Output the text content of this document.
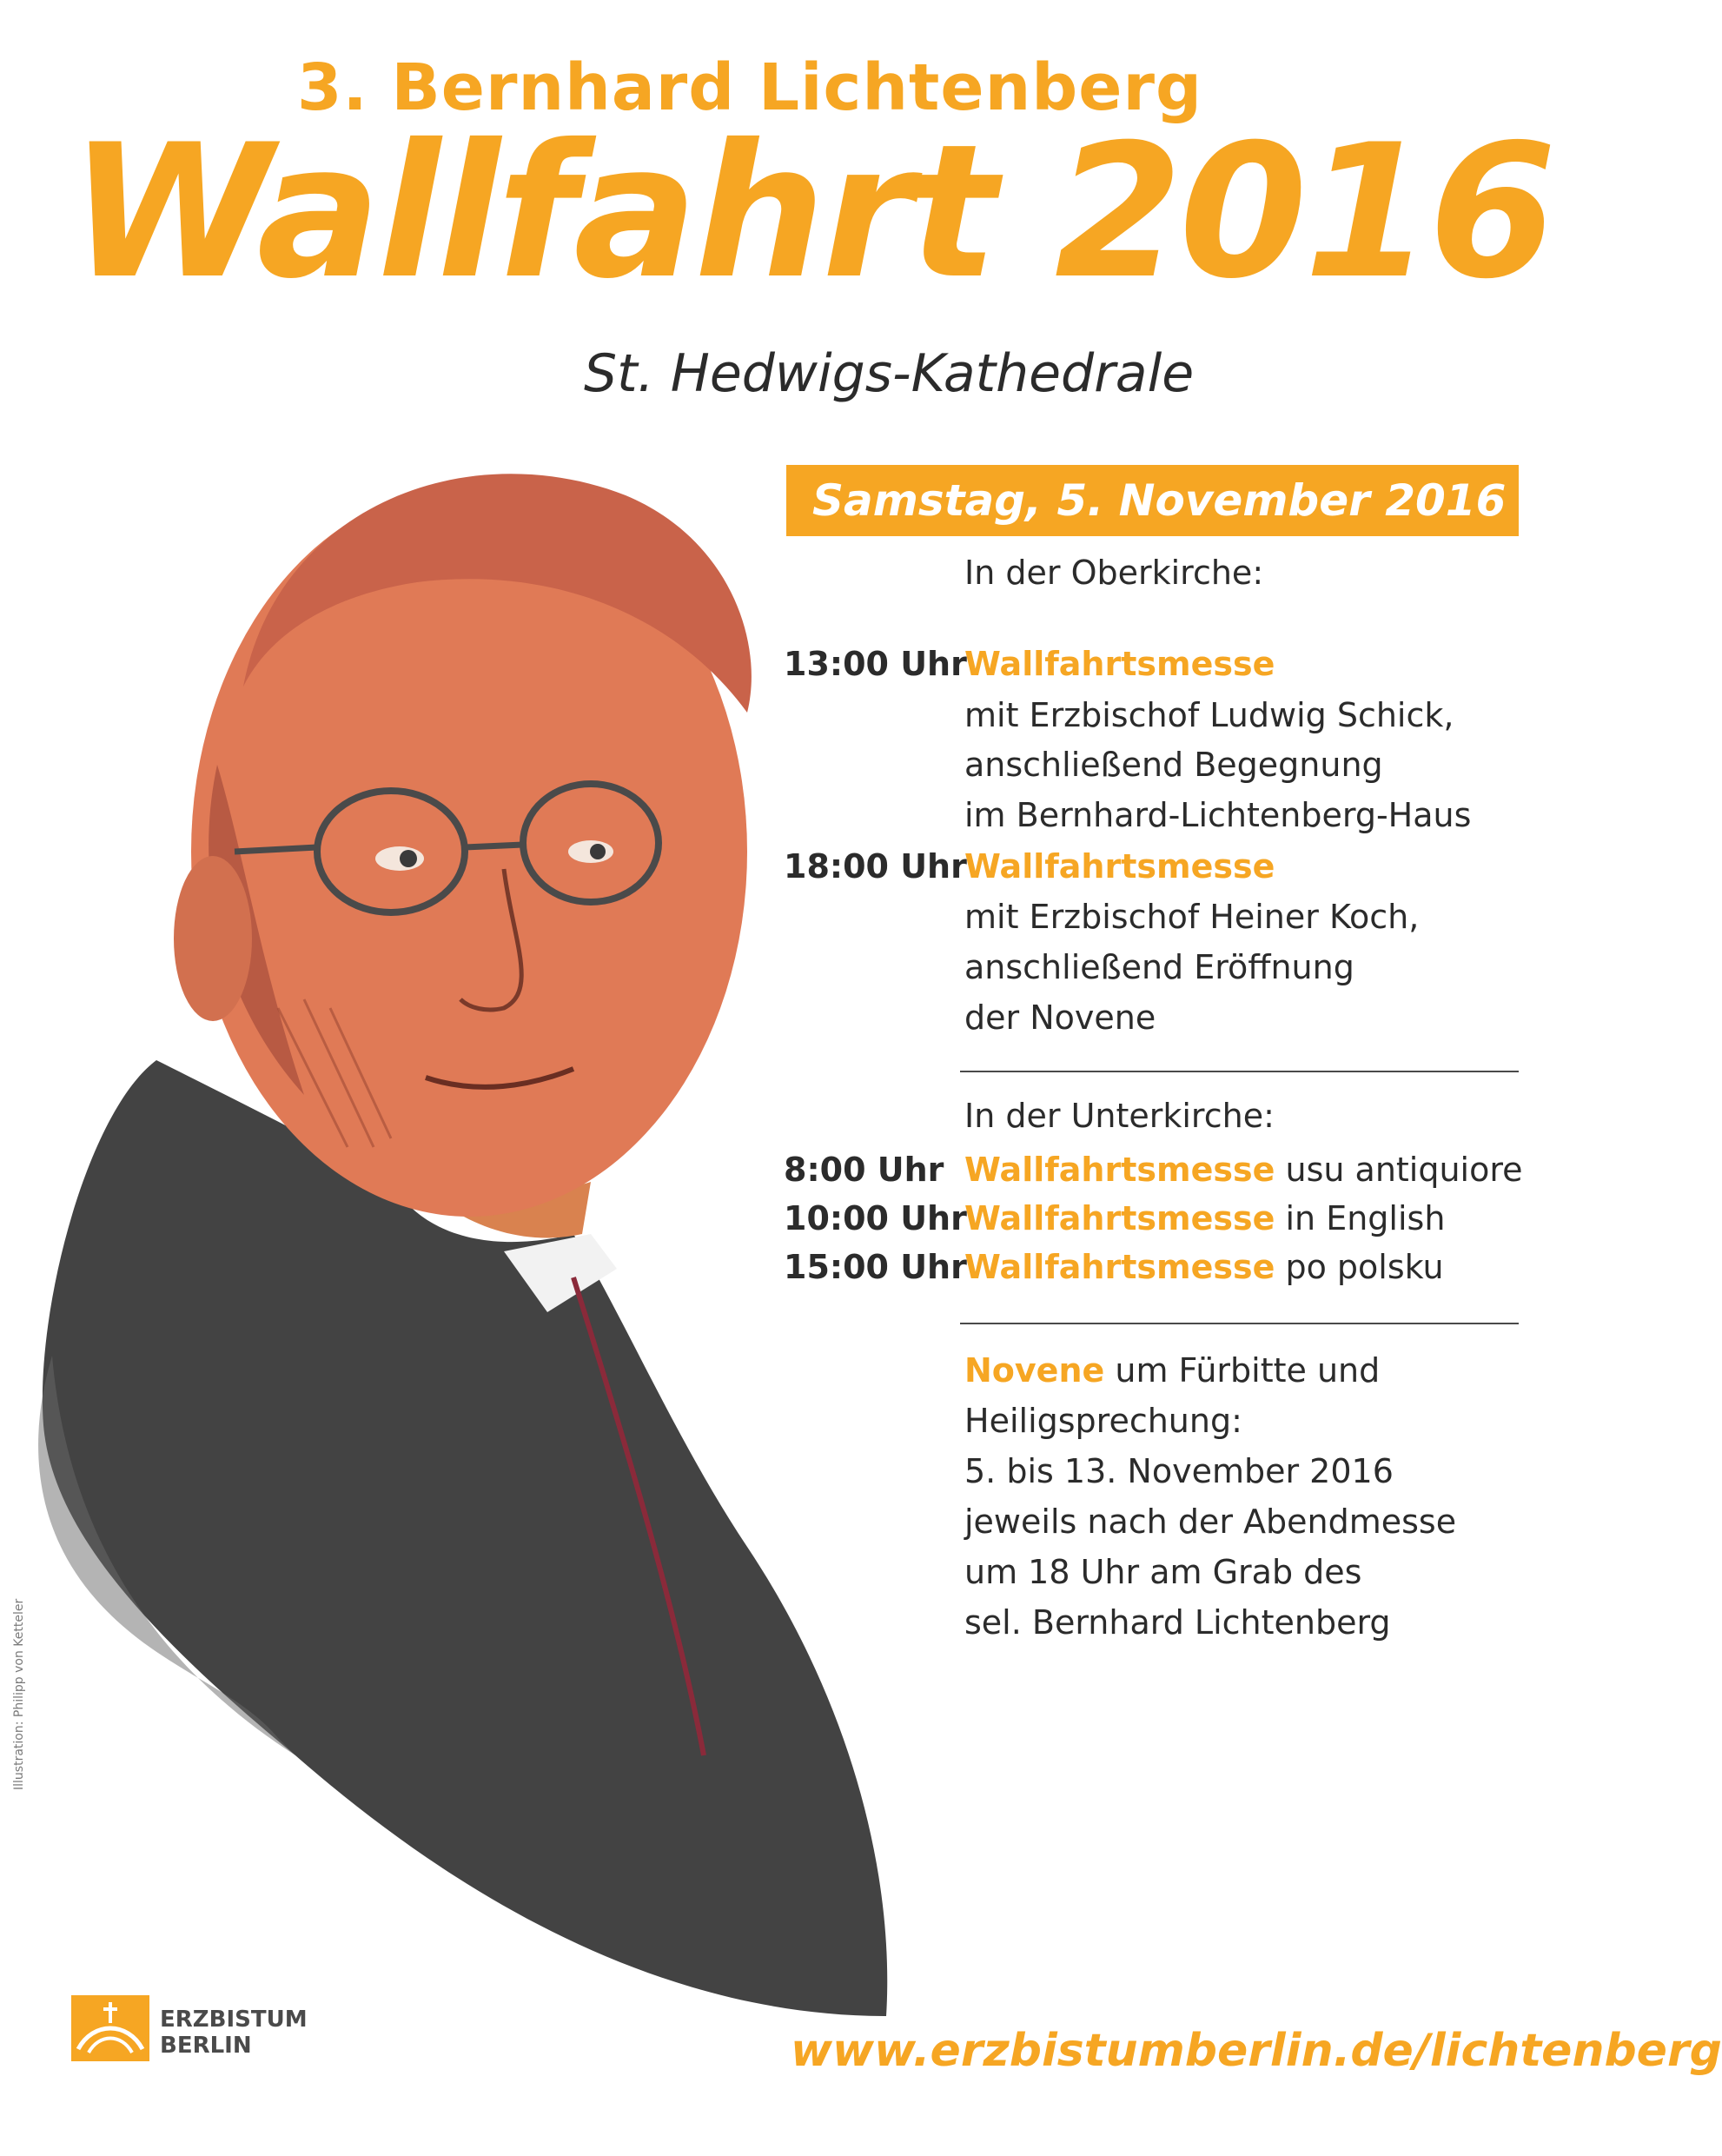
3. Bernhard Lichtenberg
Wallfahrt 2016
St. Hedwigs-Kathedrale
Samstag, 5. November 2016
In der Oberkirche:
13:00 Uhr
Wallfahrtsmesse
mit Erzbischof Ludwig Schick,
anschließend Begegnung
im Bernhard-Lichtenberg-Haus
18:00 Uhr
Wallfahrtsmesse
mit Erzbischof Heiner Koch,
anschließend Eröffnung
der Novene
In der Unterkirche:
8:00 Uhr Wallfahrtsmesse usu antiquiore
10:00 Uhr
Wallfahrtsmesse in English
15:00 Uhr
Wallfahrtsmesse po polsku
Novene um Fürbitte und
Heiligsprechung:
5. bis 13. November 2016
jeweils nach der Abendmesse
um 18 Uhr am Grab des
sel. Bernhard Lichtenberg
Illustration: Philipp von Ketteler
ERZBISTUM
BERLIN	www.erzbistumberlin.de/lichtenberg
